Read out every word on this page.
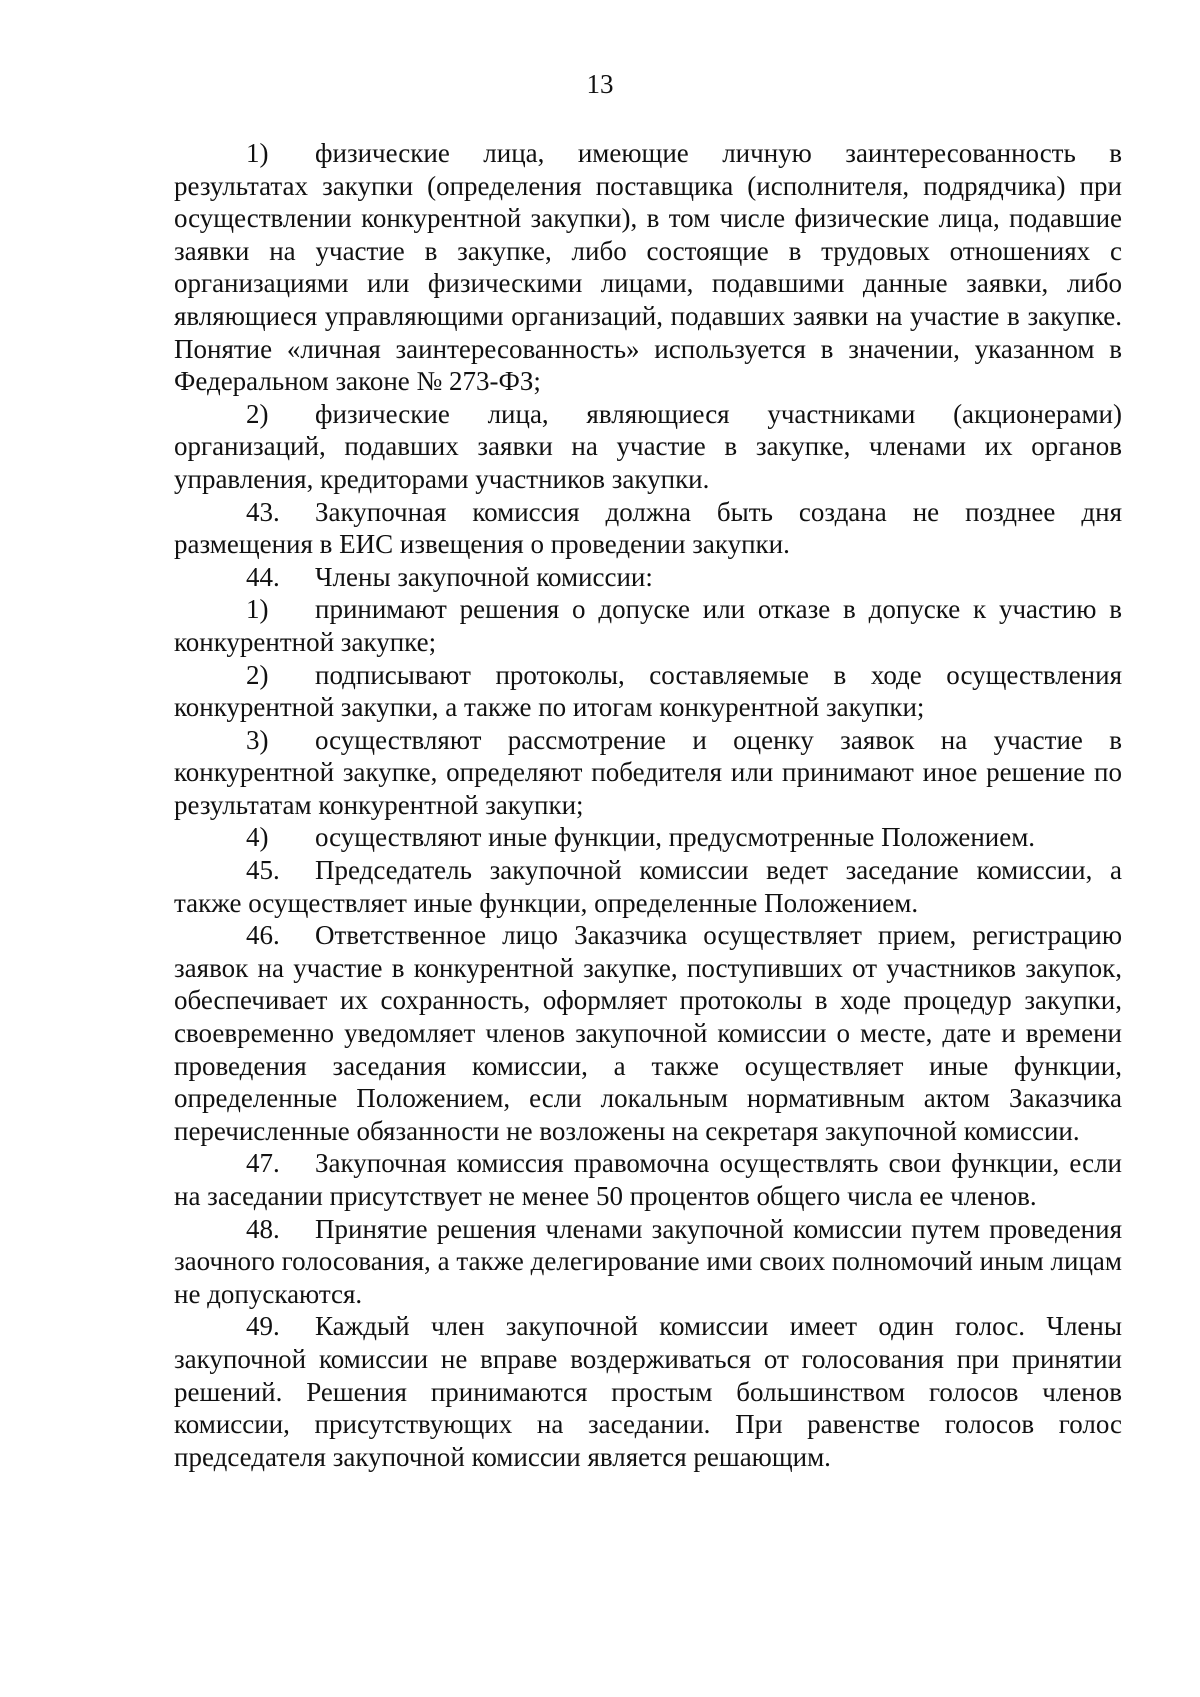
13

1) физические лица, имеющие личную заинтересованность в результатах закупки (определения поставщика (исполнителя, подрядчика) при осуществлении конкурентной закупки), в том числе физические лица, подавшие заявки на участие в закупке, либо состоящие в трудовых отношениях с организациями или физическими лицами, подавшими данные заявки, либо являющиеся управляющими организаций, подавших заявки на участие в закупке. Понятие «личная заинтересованность» используется в значении, указанном в Федеральном законе № 273-ФЗ;

2) физические лица, являющиеся участниками (акционерами) организаций, подавших заявки на участие в закупке, членами их органов управления, кредиторами участников закупки.

43. Закупочная комиссия должна быть создана не позднее дня размещения в ЕИС извещения о проведении закупки.

44. Члены закупочной комиссии:

1) принимают решения о допуске или отказе в допуске к участию в конкурентной закупке;

2) подписывают протоколы, составляемые в ходе осуществления конкурентной закупки, а также по итогам конкурентной закупки;

3) осуществляют рассмотрение и оценку заявок на участие в конкурентной закупке, определяют победителя или принимают иное решение по результатам конкурентной закупки;

4) осуществляют иные функции, предусмотренные Положением.

45. Председатель закупочной комиссии ведет заседание комиссии, а также осуществляет иные функции, определенные Положением.

46. Ответственное лицо Заказчика осуществляет прием, регистрацию заявок на участие в конкурентной закупке, поступивших от участников закупок, обеспечивает их сохранность, оформляет протоколы в ходе процедур закупки, своевременно уведомляет членов закупочной комиссии о месте, дате и времени проведения заседания комиссии, а также осуществляет иные функции, определенные Положением, если локальным нормативным актом Заказчика перечисленные обязанности не возложены на секретаря закупочной комиссии.

47. Закупочная комиссия правомочна осуществлять свои функции, если на заседании присутствует не менее 50 процентов общего числа ее членов.

48. Принятие решения членами закупочной комиссии путем проведения заочного голосования, а также делегирование ими своих полномочий иным лицам не допускаются.

49. Каждый член закупочной комиссии имеет один голос. Члены закупочной комиссии не вправе воздерживаться от голосования при принятии решений. Решения принимаются простым большинством голосов членов комиссии, присутствующих на заседании. При равенстве голосов голос председателя закупочной комиссии является решающим.
